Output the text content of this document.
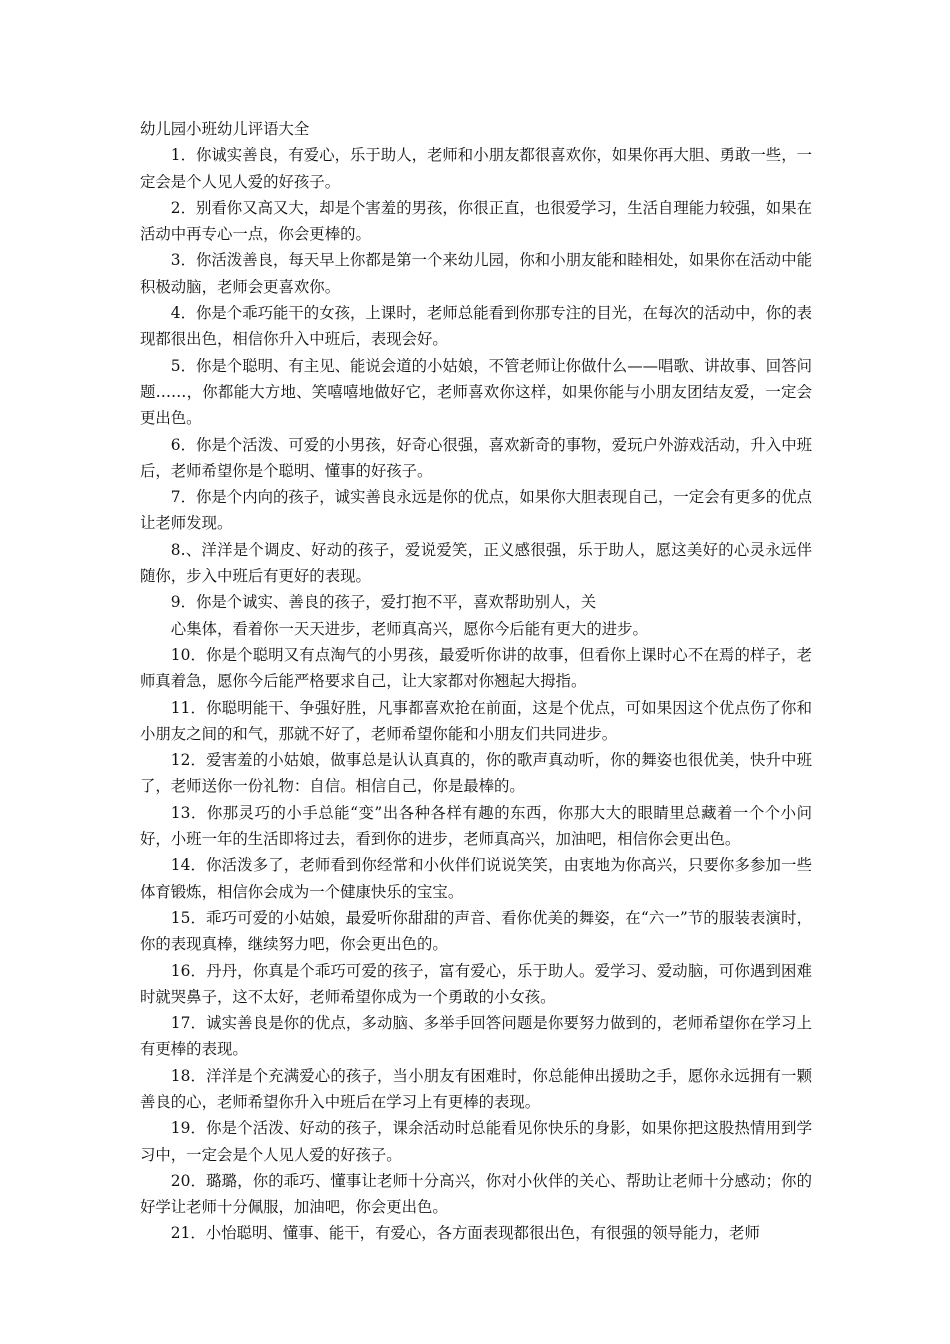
幼儿园小班幼儿评语大全

1．你诚实善良，有爱心，乐于助人，老师和小朋友都很喜欢你，如果你再大胆、勇敢一些，一定会是个人见人爱的好孩子。

2．别看你又高又大，却是个害羞的男孩，你很正直，也很爱学习，生活自理能力较强，如果在活动中再专心一点，你会更棒的。

3．你活泼善良，每天早上你都是第一个来幼儿园，你和小朋友能和睦相处，如果你在活动中能积极动脑，老师会更喜欢你。

4．你是个乖巧能干的女孩，上课时，老师总能看到你那专注的目光，在每次的活动中，你的表现都很出色，相信你升入中班后，表现会好。

5．你是个聪明、有主见、能说会道的小姑娘，不管老师让你做什么——唱歌、讲故事、回答问题……，你都能大方地、笑嘻嘻地做好它，老师喜欢你这样，如果你能与小朋友团结友爱，一定会更出色。

6．你是个活泼、可爱的小男孩，好奇心很强，喜欢新奇的事物，爱玩户外游戏活动，升入中班后，老师希望你是个聪明、懂事的好孩子。

7．你是个内向的孩子，诚实善良永远是你的优点，如果你大胆表现自己，一定会有更多的优点让老师发现。

8.、洋洋是个调皮、好动的孩子，爱说爱笑，正义感很强，乐于助人，愿这美好的心灵永远伴随你，步入中班后有更好的表现。

9．你是个诚实、善良的孩子，爱打抱不平，喜欢帮助别人，关

心集体，看着你一天天进步，老师真高兴，愿你今后能有更大的进步。

10．你是个聪明又有点淘气的小男孩，最爱听你讲的故事，但看你上课时心不在焉的样子，老师真着急，愿你今后能严格要求自己，让大家都对你翘起大拇指。

11．你聪明能干、争强好胜，凡事都喜欢抢在前面，这是个优点，可如果因这个优点伤了你和小朋友之间的和气，那就不好了，老师希望你能和小朋友们共同进步。

12．爱害羞的小姑娘，做事总是认认真真的，你的歌声真动听，你的舞姿也很优美，快升中班了，老师送你一份礼物：自信。相信自己，你是最棒的。

13．你那灵巧的小手总能“变”出各种各样有趣的东西，你那大大的眼睛里总藏着一个个小问好，小班一年的生活即将过去，看到你的进步，老师真高兴，加油吧，相信你会更出色。

14．你活泼多了，老师看到你经常和小伙伴们说说笑笑，由衷地为你高兴，只要你多参加一些体育锻炼，相信你会成为一个健康快乐的宝宝。

15．乖巧可爱的小姑娘，最爱听你甜甜的声音、看你优美的舞姿，在“六一”节的服装表演时，你的表现真棒，继续努力吧，你会更出色的。

16．丹丹，你真是个乖巧可爱的孩子，富有爱心，乐于助人。爱学习、爱动脑，可你遇到困难时就哭鼻子，这不太好，老师希望你成为一个勇敢的小女孩。

17．诚实善良是你的优点，多动脑、多举手回答问题是你要努力做到的，老师希望你在学习上有更棒的表现。

18．洋洋是个充满爱心的孩子，当小朋友有困难时，你总能伸出援助之手，愿你永远拥有一颗善良的心，老师希望你升入中班后在学习上有更棒的表现。

19．你是个活泼、好动的孩子，课余活动时总能看见你快乐的身影，如果你把这股热情用到学习中，一定会是个人见人爱的好孩子。

20．璐璐，你的乖巧、懂事让老师十分高兴，你对小伙伴的关心、帮助让老师十分感动；你的好学让老师十分佩服，加油吧，你会更出色。

21．小怡聪明、懂事、能干，有爱心，各方面表现都很出色，有很强的领导能力，老师
